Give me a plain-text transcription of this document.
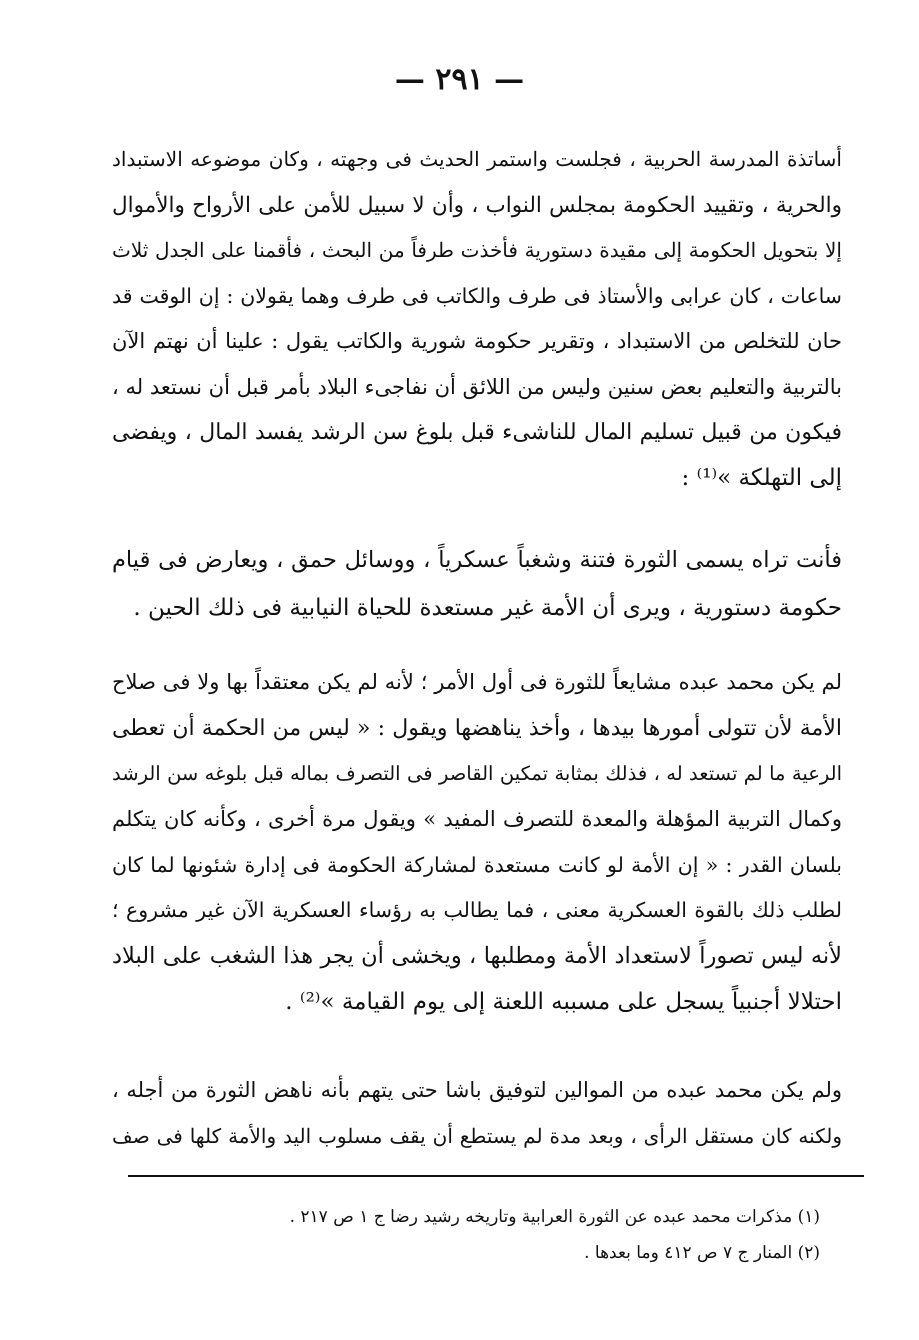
— ٢٩١ —
أساتذة المدرسة الحربية ، فجلست واستمر الحديث فى وجهته ، وكان موضوعه الاستبداد
والحرية ، وتقييد الحكومة بمجلس النواب ، وأن لا سبيل للأمن على الأرواح والأموال
إلا بتحويل الحكومة إلى مقيدة دستورية فأخذت طرفاً من البحث ، فأقمنا على الجدل ثلاث
ساعات ، كان عرابى والأستاذ فى طرف والكاتب فى طرف وهما يقولان : إن الوقت قد
حان للتخلص من الاستبداد ، وتقرير حكومة شورية والكاتب يقول : علينا أن نهتم الآن
بالتربية والتعليم بعض سنين وليس من اللائق أن نفاجىء البلاد بأمر قبل أن نستعد له ،
فيكون من قبيل تسليم المال للناشىء قبل بلوغ سن الرشد يفسد المال ، ويفضى
إلى التهلكة »⁽¹⁾ :
فأنت تراه يسمى الثورة فتنة وشغباً عسكرياً ، ووسائل حمق ، ويعارض فى قيام
حكومة دستورية ، ويرى أن الأمة غير مستعدة للحياة النيابية فى ذلك الحين .
لم يكن محمد عبده مشايعاً للثورة فى أول الأمر ؛ لأنه لم يكن معتقداً بها ولا فى صلاح
الأمة لأن تتولى أمورها بيدها ، وأخذ يناهضها ويقول : « ليس من الحكمة أن تعطى
الرعية ما لم تستعد له ، فذلك بمثابة تمكين القاصر فى التصرف بماله قبل بلوغه سن الرشد
وكمال التربية المؤهلة والمعدة للتصرف المفيد » ويقول مرة أخرى ، وكأنه كان يتكلم
بلسان القدر : « إن الأمة لو كانت مستعدة لمشاركة الحكومة فى إدارة شئونها لما كان
لطلب ذلك بالقوة العسكرية معنى ، فما يطالب به رؤساء العسكرية الآن غير مشروع ؛
لأنه ليس تصوراً لاستعداد الأمة ومطلبها ، ويخشى أن يجر هذا الشغب على البلاد
احتلالا أجنبياً يسجل على مسببه اللعنة إلى يوم القيامة »⁽²⁾ .
ولم يكن محمد عبده من الموالين لتوفيق باشا حتى يتهم بأنه ناهض الثورة من أجله ،
ولكنه كان مستقل الرأى ، وبعد مدة لم يستطع أن يقف مسلوب اليد والأمة كلها فى صف
(١) مذكرات محمد عبده عن الثورة العرابية وتاريخه رشيد رضا ج ١ ص ٢١٧ .
(٢) المنار ج ٧ ص ٤١٢ وما بعدها .
